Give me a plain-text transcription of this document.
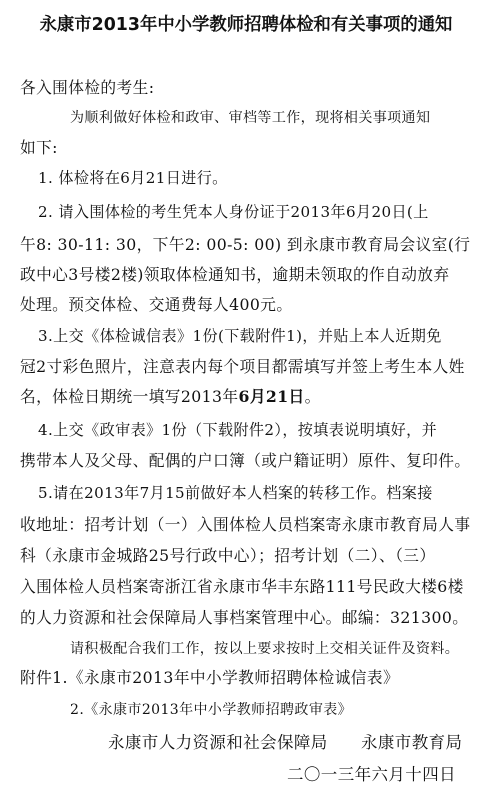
永康市2013年中小学教师招聘体检和有关事项的通知
各入围体检的考生:
为顺利做好体检和政审、审档等工作，现将相关事项通知
如下:
1. 体检将在6月21日进行。
2. 请入围体检的考生凭本人身份证于2013年6月20日(上
午8: 30-11: 30，下午2: 00-5: 00) 到永康市教育局会议室(行
政中心3号楼2楼)领取体检通知书，逾期未领取的作自动放弃
处理。预交体检、交通费每人400元。
3.上交《体检诚信表》1份(下载附件1)，并贴上本人近期免
冠2寸彩色照片，注意表内每个项目都需填写并签上考生本人姓
名，体检日期统一填写2013年6月21日。
4.上交《政审表》1份（下载附件2），按填表说明填好，并
携带本人及父母、配偶的户口簿（或户籍证明）原件、复印件。
5.请在2013年7月15前做好本人档案的转移工作。档案接
收地址：招考计划（一）入围体检人员档案寄永康市教育局人事
科（永康市金城路25号行政中心）；招考计划（二）、（三）
入围体检人员档案寄浙江省永康市华丰东路111号民政大楼6楼
的人力资源和社会保障局人事档案管理中心。邮编：321300。
请积极配合我们工作，按以上要求按时上交相关证件及资料。
附件1.《永康市2013年中小学教师招聘体检诚信表》
2.《永康市2013年中小学教师招聘政审表》
永康市人力资源和社会保障局 永康市教育局
二〇一三年六月十四日
